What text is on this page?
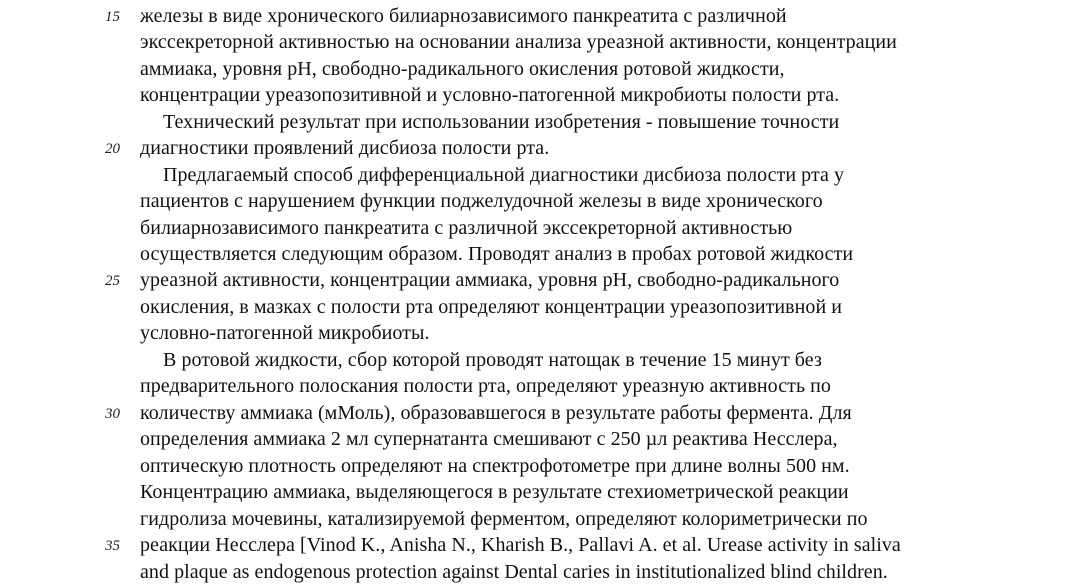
15
20
25
30
35
железы в виде хронического билиарнозависимого панкреатита с различной
экссекреторной активностью на основании анализа уреазной активности, концентрации
аммиака, уровня pH, свободно-радикального окисления ротовой жидкости,
концентрации уреазопозитивной и условно-патогенной микробиоты полости рта.
Технический результат при использовании изобретения - повышение точности
диагностики проявлений дисбиоза полости рта.
Предлагаемый способ дифференциальной диагностики дисбиоза полости рта у
пациентов с нарушением функции поджелудочной железы в виде хронического
билиарнозависимого панкреатита с различной экссекреторной активностью
осуществляется следующим образом. Проводят анализ в пробах ротовой жидкости
уреазной активности, концентрации аммиака, уровня pH, свободно-радикального
окисления, в мазках с полости рта определяют концентрации уреазопозитивной и
условно-патогенной микробиоты.
В ротовой жидкости, сбор которой проводят натощак в течение 15 минут без
предварительного полоскания полости рта, определяют уреазную активность по
количеству аммиака (мМоль), образовавшегося в результате работы фермента. Для
определения аммиака 2 мл супернатанта смешивают с 250 µл реактива Несслера,
оптическую плотность определяют на спектрофотометре при длине волны 500 нм.
Концентрацию аммиака, выделяющегося в результате стехиометрической реакции
гидролиза мочевины, катализируемой ферментом, определяют колориметрически по
реакции Несслера [Vinod K., Anisha N., Kharish B., Pallavi A. et al. Urease activity in saliva
and plaque as endogenous protection against Dental caries in institutionalized blind children.
